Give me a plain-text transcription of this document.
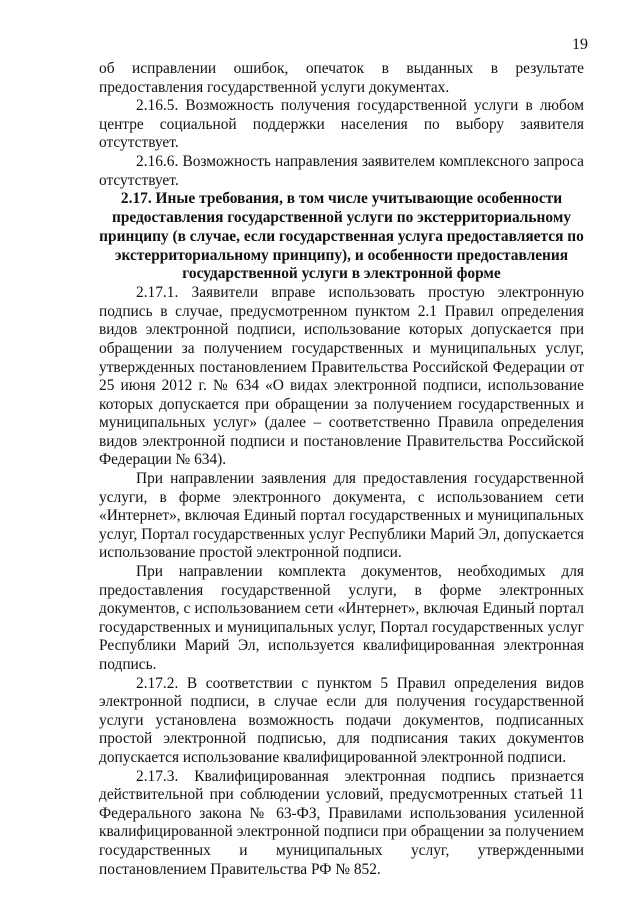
19

об исправлении ошибок, опечаток в выданных в результате предоставления государственной услуги документах.

2.16.5. Возможность получения государственной услуги в любом центре социальной поддержки населения по выбору заявителя отсутствует.

2.16.6. Возможность направления заявителем комплексного запроса отсутствует.

2.17. Иные требования, в том числе учитывающие особенности предоставления государственной услуги по экстерриториальному принципу (в случае, если государственная услуга предоставляется по экстерриториальному принципу), и особенности предоставления государственной услуги в электронной форме

2.17.1. Заявители вправе использовать простую электронную подпись в случае, предусмотренном пунктом 2.1 Правил определения видов электронной подписи, использование которых допускается при обращении за получением государственных и муниципальных услуг, утвержденных постановлением Правительства Российской Федерации от 25 июня 2012 г. № 634 «О видах электронной подписи, использование которых допускается при обращении за получением государственных и муниципальных услуг» (далее – соответственно Правила определения видов электронной подписи и постановление Правительства Российской Федерации № 634).

При направлении заявления для предоставления государственной услуги, в форме электронного документа, с использованием сети «Интернет», включая Единый портал государственных и муниципальных услуг, Портал государственных услуг Республики Марий Эл, допускается использование простой электронной подписи.

При направлении комплекта документов, необходимых для предоставления государственной услуги, в форме электронных документов, с использованием сети «Интернет», включая Единый портал государственных и муниципальных услуг, Портал государственных услуг Республики Марий Эл, используется квалифицированная электронная подпись.

2.17.2. В соответствии с пунктом 5 Правил определения видов электронной подписи, в случае если для получения государственной услуги установлена возможность подачи документов, подписанных простой электронной подписью, для подписания таких документов допускается использование квалифицированной электронной подписи.

2.17.3. Квалифицированная электронная подпись признается действительной при соблюдении условий, предусмотренных статьей 11 Федерального закона № 63-ФЗ, Правилами использования усиленной квалифицированной электронной подписи при обращении за получением государственных и муниципальных услуг, утвержденными постановлением Правительства РФ № 852.
